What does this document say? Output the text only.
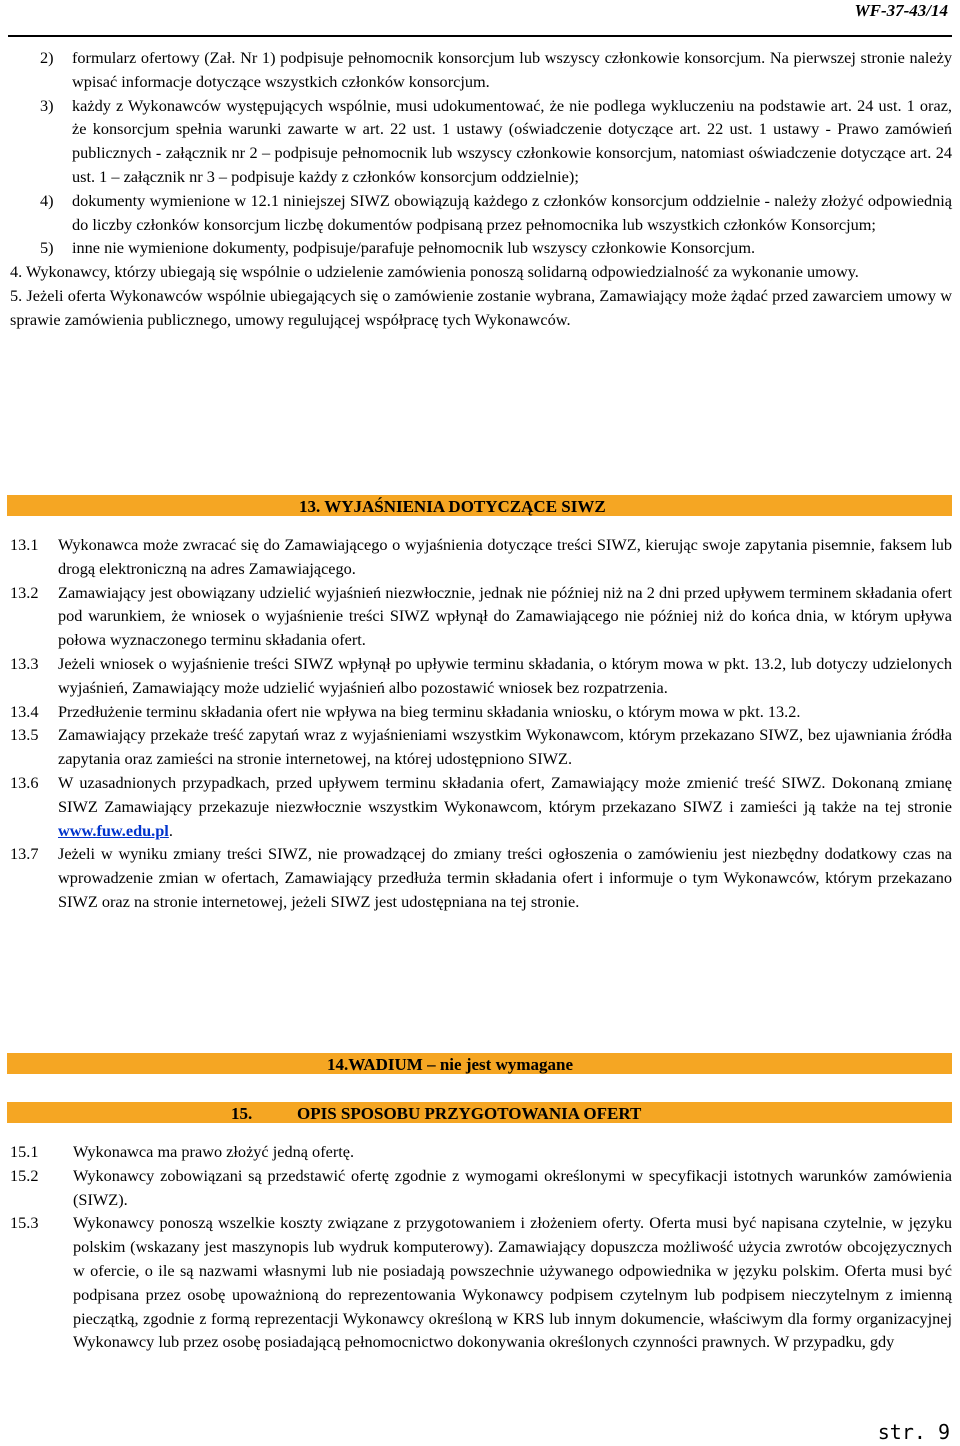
WF-37-43/14

2) formularz ofertowy (Zał. Nr 1) podpisuje pełnomocnik konsorcjum lub wszyscy członkowie konsorcjum. Na pierwszej stronie należy wpisać informacje dotyczące wszystkich członków konsorcjum.

3) każdy z Wykonawców występujących wspólnie, musi udokumentować, że nie podlega wykluczeniu na podstawie art. 24 ust. 1 oraz, że konsorcjum spełnia warunki zawarte w art. 22 ust. 1 ustawy (oświadczenie dotyczące art. 22 ust. 1 ustawy - Prawo zamówień publicznych - załącznik nr 2 – podpisuje pełnomocnik lub wszyscy członkowie konsorcjum, natomiast oświadczenie dotyczące art. 24 ust. 1 – załącznik nr 3 – podpisuje każdy z członków konsorcjum oddzielnie);

4) dokumenty wymienione w 12.1 niniejszej SIWZ obowiązują każdego z członków konsorcjum oddzielnie - należy złożyć odpowiednią do liczby członków konsorcjum liczbę dokumentów podpisaną przez pełnomocnika lub wszystkich członków Konsorcjum;

5) inne nie wymienione dokumenty, podpisuje/parafuje pełnomocnik lub wszyscy członkowie Konsorcjum.

4. Wykonawcy, którzy ubiegają się wspólnie o udzielenie zamówienia ponoszą solidarną odpowiedzialność za wykonanie umowy.

5. Jeżeli oferta Wykonawców wspólnie ubiegających się o zamówienie zostanie wybrana, Zamawiający może żądać przed zawarciem umowy w sprawie zamówienia publicznego, umowy regulującej współpracę tych Wykonawców.

13. WYJAŚNIENIA DOTYCZĄCE SIWZ

13.1 Wykonawca może zwracać się do Zamawiającego o wyjaśnienia dotyczące treści SIWZ, kierując swoje zapytania pisemnie, faksem lub drogą elektroniczną na adres Zamawiającego.

13.2 Zamawiający jest obowiązany udzielić wyjaśnień niezwłocznie, jednak nie później niż na 2 dni przed upływem terminem składania ofert pod warunkiem, że wniosek o wyjaśnienie treści SIWZ wpłynął do Zamawiającego nie później niż do końca dnia, w którym upływa połowa wyznaczonego terminu składania ofert.

13.3 Jeżeli wniosek o wyjaśnienie treści SIWZ wpłynął po upływie terminu składania, o którym mowa w pkt. 13.2, lub dotyczy udzielonych wyjaśnień, Zamawiający może udzielić wyjaśnień albo pozostawić wniosek bez rozpatrzenia.

13.4 Przedłużenie terminu składania ofert nie wpływa na bieg terminu składania wniosku, o którym mowa w pkt. 13.2.

13.5 Zamawiający przekaże treść zapytań wraz z wyjaśnieniami wszystkim Wykonawcom, którym przekazano SIWZ, bez ujawniania źródła zapytania oraz zamieści na stronie internetowej, na której udostępniono SIWZ.

13.6 W uzasadnionych przypadkach, przed upływem terminu składania ofert, Zamawiający może zmienić treść SIWZ. Dokonaną zmianę SIWZ Zamawiający przekazuje niezwłocznie wszystkim Wykonawcom, którym przekazano SIWZ i zamieści ją także na tej stronie www.fuw.edu.pl.

13.7 Jeżeli w wyniku zmiany treści SIWZ, nie prowadzącej do zmiany treści ogłoszenia o zamówieniu jest niezbędny dodatkowy czas na wprowadzenie zmian w ofertach, Zamawiający przedłuża termin składania ofert i informuje o tym Wykonawców, którym przekazano SIWZ oraz na stronie internetowej, jeżeli SIWZ jest udostępniana na tej stronie.

14.WADIUM – nie jest wymagane
15.	OPIS SPOSOBU PRZYGOTOWANIA OFERT

15.1 Wykonawca ma prawo złożyć jedną ofertę.

15.2 Wykonawcy zobowiązani są przedstawić ofertę zgodnie z wymogami określonymi w specyfikacji istotnych warunków zamówienia (SIWZ).

15.3 Wykonawcy ponoszą wszelkie koszty związane z przygotowaniem i złożeniem oferty. Oferta musi być napisana czytelnie, w języku polskim (wskazany jest maszynopis lub wydruk komputerowy). Zamawiający dopuszcza możliwość użycia zwrotów obcojęzycznych w ofercie, o ile są nazwami własnymi lub nie posiadają powszechnie używanego odpowiednika w języku polskim. Oferta musi być podpisana przez osobę upoważnioną do reprezentowania Wykonawcy podpisem czytelnym lub podpisem nieczytelnym z imienną pieczątką, zgodnie z formą reprezentacji Wykonawcy określoną w KRS lub innym dokumencie, właściwym dla formy organizacyjnej Wykonawcy lub przez osobę posiadającą pełnomocnictwo dokonywania określonych czynności prawnych. W przypadku, gdy

str. 9
